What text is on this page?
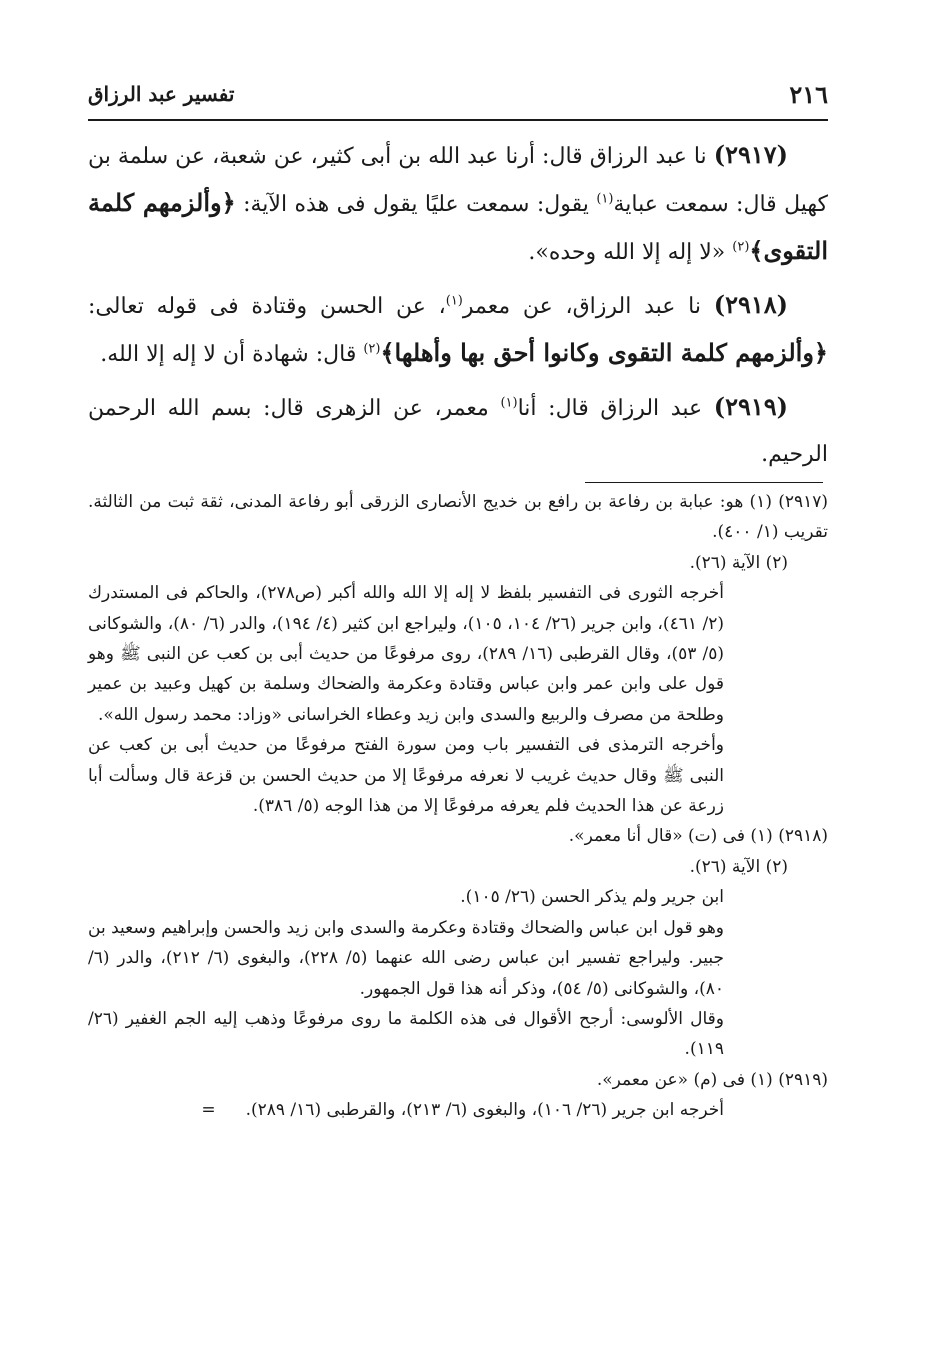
٢١٦
تفسير عبد الرزاق

(٢٩١٧) نا عبد الرزاق قال: أرنا عبد الله بن أبى كثير، عن شعبة، عن سلمة بن كهيل قال: سمعت عباية$^{(١)}$ يقول: سمعت عليًا يقول فى هذه الآية: ﴿وألزمهم كلمة التقوى﴾$^{(٢)}$ «لا إله إلا الله وحده».

(٢٩١٨) نا عبد الرزاق، عن معمر$^{(١)}$، عن الحسن وقتادة فى قوله تعالى: ﴿وألزمهم كلمة التقوى وكانوا أحق بها وأهلها﴾$^{(٢)}$ قال: شهادة أن لا إله إلا الله.

(٢٩١٩) عبد الرزاق قال: أنا$^{(١)}$ معمر، عن الزهرى قال: بسم الله الرحمن الرحيم.

(٢٩١٧) (١) هو: عبابة بن رفاعة بن رافع بن خديج الأنصارى الزرقى أبو رفاعة المدنى، ثقة ثبت من الثالثة. تقريب (١/ ٤٠٠).

(٢) الآية (٢٦).

أخرجه الثورى فى التفسير بلفظ لا إله إلا الله والله أكبر (ص٢٧٨)، والحاكم فى المستدرك (٢/ ٤٦١)، وابن جرير (٢٦/ ١٠٤، ١٠٥)، وليراجع ابن كثير (٤/ ١٩٤)، والدر (٦/ ٨٠)، والشوكانى (٥/ ٥٣)، وقال القرطبى (١٦/ ٢٨٩)، روى مرفوعًا من حديث أبى بن كعب عن النبى ﷺ وهو قول على وابن عمر وابن عباس وقتادة وعكرمة والضحاك وسلمة بن كهيل وعبيد بن عمير وطلحة من مصرف والربيع والسدى وابن زيد وعطاء الخراسانى «وزاد: محمد رسول الله».

وأخرجه الترمذى فى التفسير باب ومن سورة الفتح مرفوعًا من حديث أبى بن كعب عن النبى ﷺ وقال حديث غريب لا نعرفه مرفوعًا إلا من حديث الحسن بن قزعة قال وسألت أبا زرعة عن هذا الحديث فلم يعرفه مرفوعًا إلا من هذا الوجه (٥/ ٣٨٦).

(٢٩١٨) (١) فى (ت) «قال أنا معمر».

(٢) الآية (٢٦).

ابن جرير ولم يذكر الحسن (٢٦/ ١٠٥).

وهو قول ابن عباس والضحاك وقتادة وعكرمة والسدى وابن زيد والحسن وإبراهيم وسعيد بن جبير. وليراجع تفسير ابن عباس رضى الله عنهما (٥/ ٢٢٨)، والبغوى (٦/ ٢١٢)، والدر (٦/ ٨٠)، والشوكانى (٥/ ٥٤)، وذكر أنه هذا قول الجمهور.

وقال الألوسى: أرجح الأقوال فى هذه الكلمة ما روى مرفوعًا وذهب إليه الجم الغفير (٢٦/ ١١٩).

(٢٩١٩) (١) فى (م) «عن معمر».

أخرجه ابن جرير (٢٦/ ١٠٦)، والبغوى (٦/ ٢١٣)، والقرطبى (١٦/ ٢٨٩).=
